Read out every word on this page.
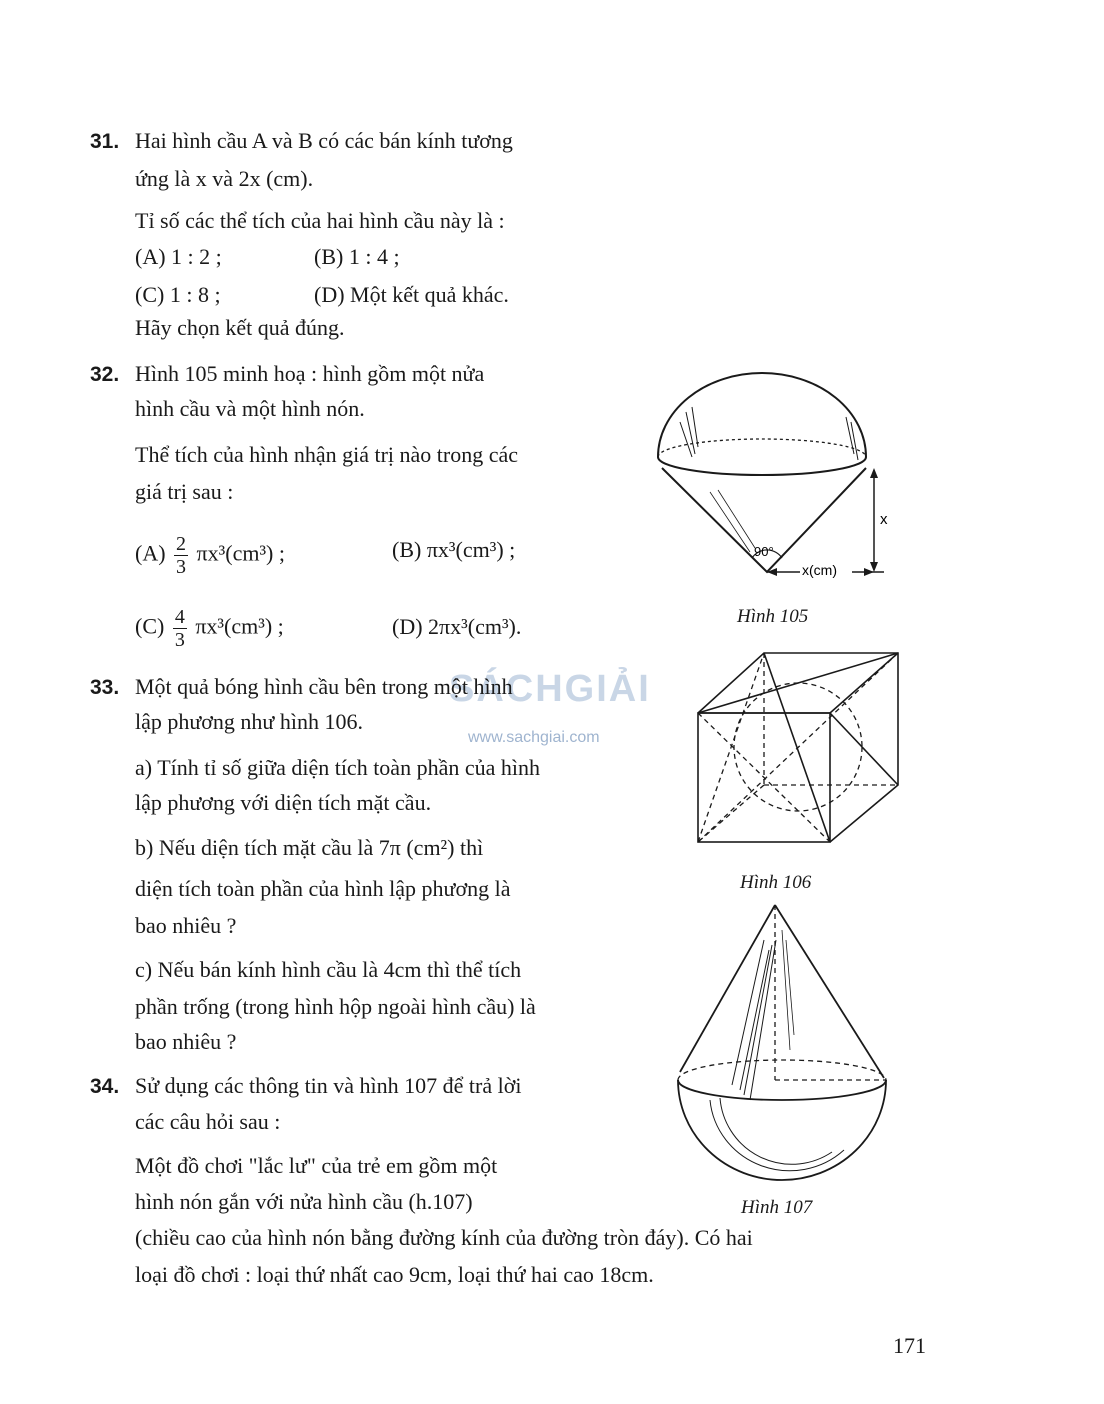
SÁCHGIẢI
www.sachgiai.com
31. Hai hình cầu A và B có các bán kính tương
ứng là x và 2x (cm).
Tỉ số các thể tích của hai hình cầu này là :
(A) 1 : 2 ;	(B) 1 : 4 ;
(C) 1 : 8 ;	(D) Một kết quả khác.
Hãy chọn kết quả đúng.
32. Hình 105 minh hoạ : hình gồm một nửa
hình cầu và một hình nón.
Thể tích của hình nhận giá trị nào trong các
giá trị sau :
$(A) \frac{2}{3} \pi x^3(cm^3)$ ;	(B) πx³(cm³) ;
$(C) \frac{4}{3} \pi x^3(cm^3)$ ;	(D) 2πx³(cm³).
33. Một quả bóng hình cầu bên trong một hình
lập phương như hình 106.
a) Tính tỉ số giữa diện tích toàn phần của hình
lập phương với diện tích mặt cầu.
b) Nếu diện tích mặt cầu là 7π (cm²) thì
diện tích toàn phần của hình lập phương là
bao nhiêu ?
c) Nếu bán kính hình cầu là 4cm thì thể tích
phần trống (trong hình hộp ngoài hình cầu) là
bao nhiêu ?
34. Sử dụng các thông tin và hình 107 để trả lời
các câu hỏi sau :
Một đồ chơi "lắc lư" của trẻ em gồm một
hình nón gắn với nửa hình cầu (h.107)
(chiều cao của hình nón bằng đường kính của đường tròn đáy). Có hai
loại đồ chơi : loại thứ nhất cao 9cm, loại thứ hai cao 18cm.
x
90°
x(cm)
Hình 105
Hình 106
Hình 107
171
